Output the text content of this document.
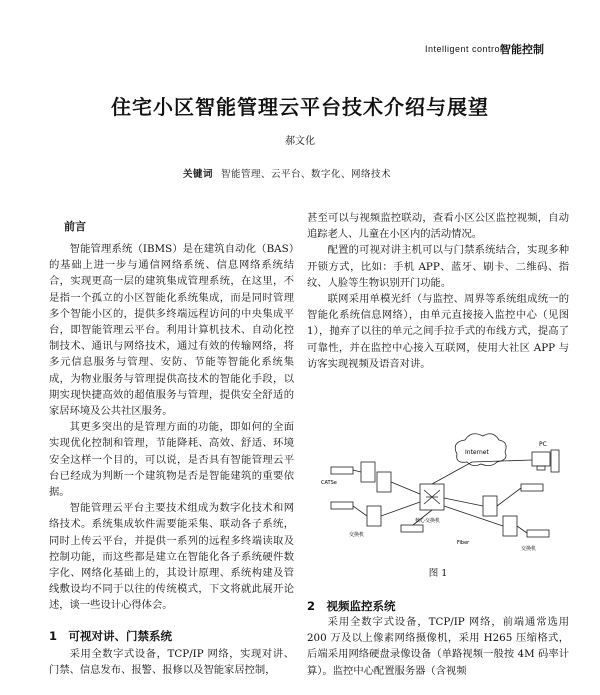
Intelligent control
智能控制
住宅小区智能管理云平台技术介绍与展望
郝文化
关键词 智能管理、云平台、数字化、网络技术
前言

智能管理系统（IBMS）是在建筑自动化（BAS）的基础上进一步与通信网络系统、信息网络系统结合，实现更高一层的建筑集成管理系统，在这里，不是指一个孤立的小区智能化系统集成，而是同时管理多个智能小区的，提供多终端远程访问的中央集成平台，即智能管理云平台。利用计算机技术、自动化控制技术、通讯与网络技术，通过有效的传输网络，将多元信息服务与管理、安防、节能等智能化系统集成，为物业服务与管理提供高技术的智能化手段，以期实现快捷高效的超值服务与管理，提供安全舒适的家居环境及公共社区服务。

其更多突出的是管理方面的功能，即如何的全面实现优化控制和管理，节能降耗、高效、舒适、环境安全这样一个目的，可以说，是否具有智能管理云平台已经成为判断一个建筑物是否是智能建筑的重要依据。

智能管理云平台主要技术组成为数字化技术和网络技术。系统集成软件需要能采集、联动各子系统，同时上传云平台，并提供一系列的远程多终端读取及控制功能，而这些都是建立在智能化各子系统硬件数字化、网络化基础上的，其设计原理、系统构建及管线敷设均不同于以往的传统模式，下文将就此展开论述，谈一些设计心得体会。

1　可视对讲、门禁系统

采用全数字式设备，TCP/IP 网络，实现对讲、门禁、信息发布、报警、报修以及智能家居控制，

甚至可以与视频监控联动，查看小区公区监控视频，自动追踪老人、儿童在小区内的活动情况。

配置的可视对讲主机可以与门禁系统结合，实现多种开锁方式，比如：手机 APP、蓝牙、刷卡、二维码、指纹、人脸等生物识别开门功能。

联网采用单模光纤（与监控、周界等系统组成统一的智能化系统信息网络），由单元直接接入监控中心（见图 1），抛弃了以往的单元之间手拉手式的布线方式，提高了可靠性，并在监控中心接入互联网，使用大社区 APP 与访客实现视频及语音对讲。

Internet
PC
CATSe
Fiber
核心交换机
交换机
交换机
图 1
2　视频监控系统

采用全数字式设备，TCP/IP 网络，前端通常选用 200 万及以上像素网络摄像机，采用 H265 压缩格式，后端采用网络硬盘录像设备（单路视频一般按 4M 码率计算）。监控中心配置服务器（含视频
